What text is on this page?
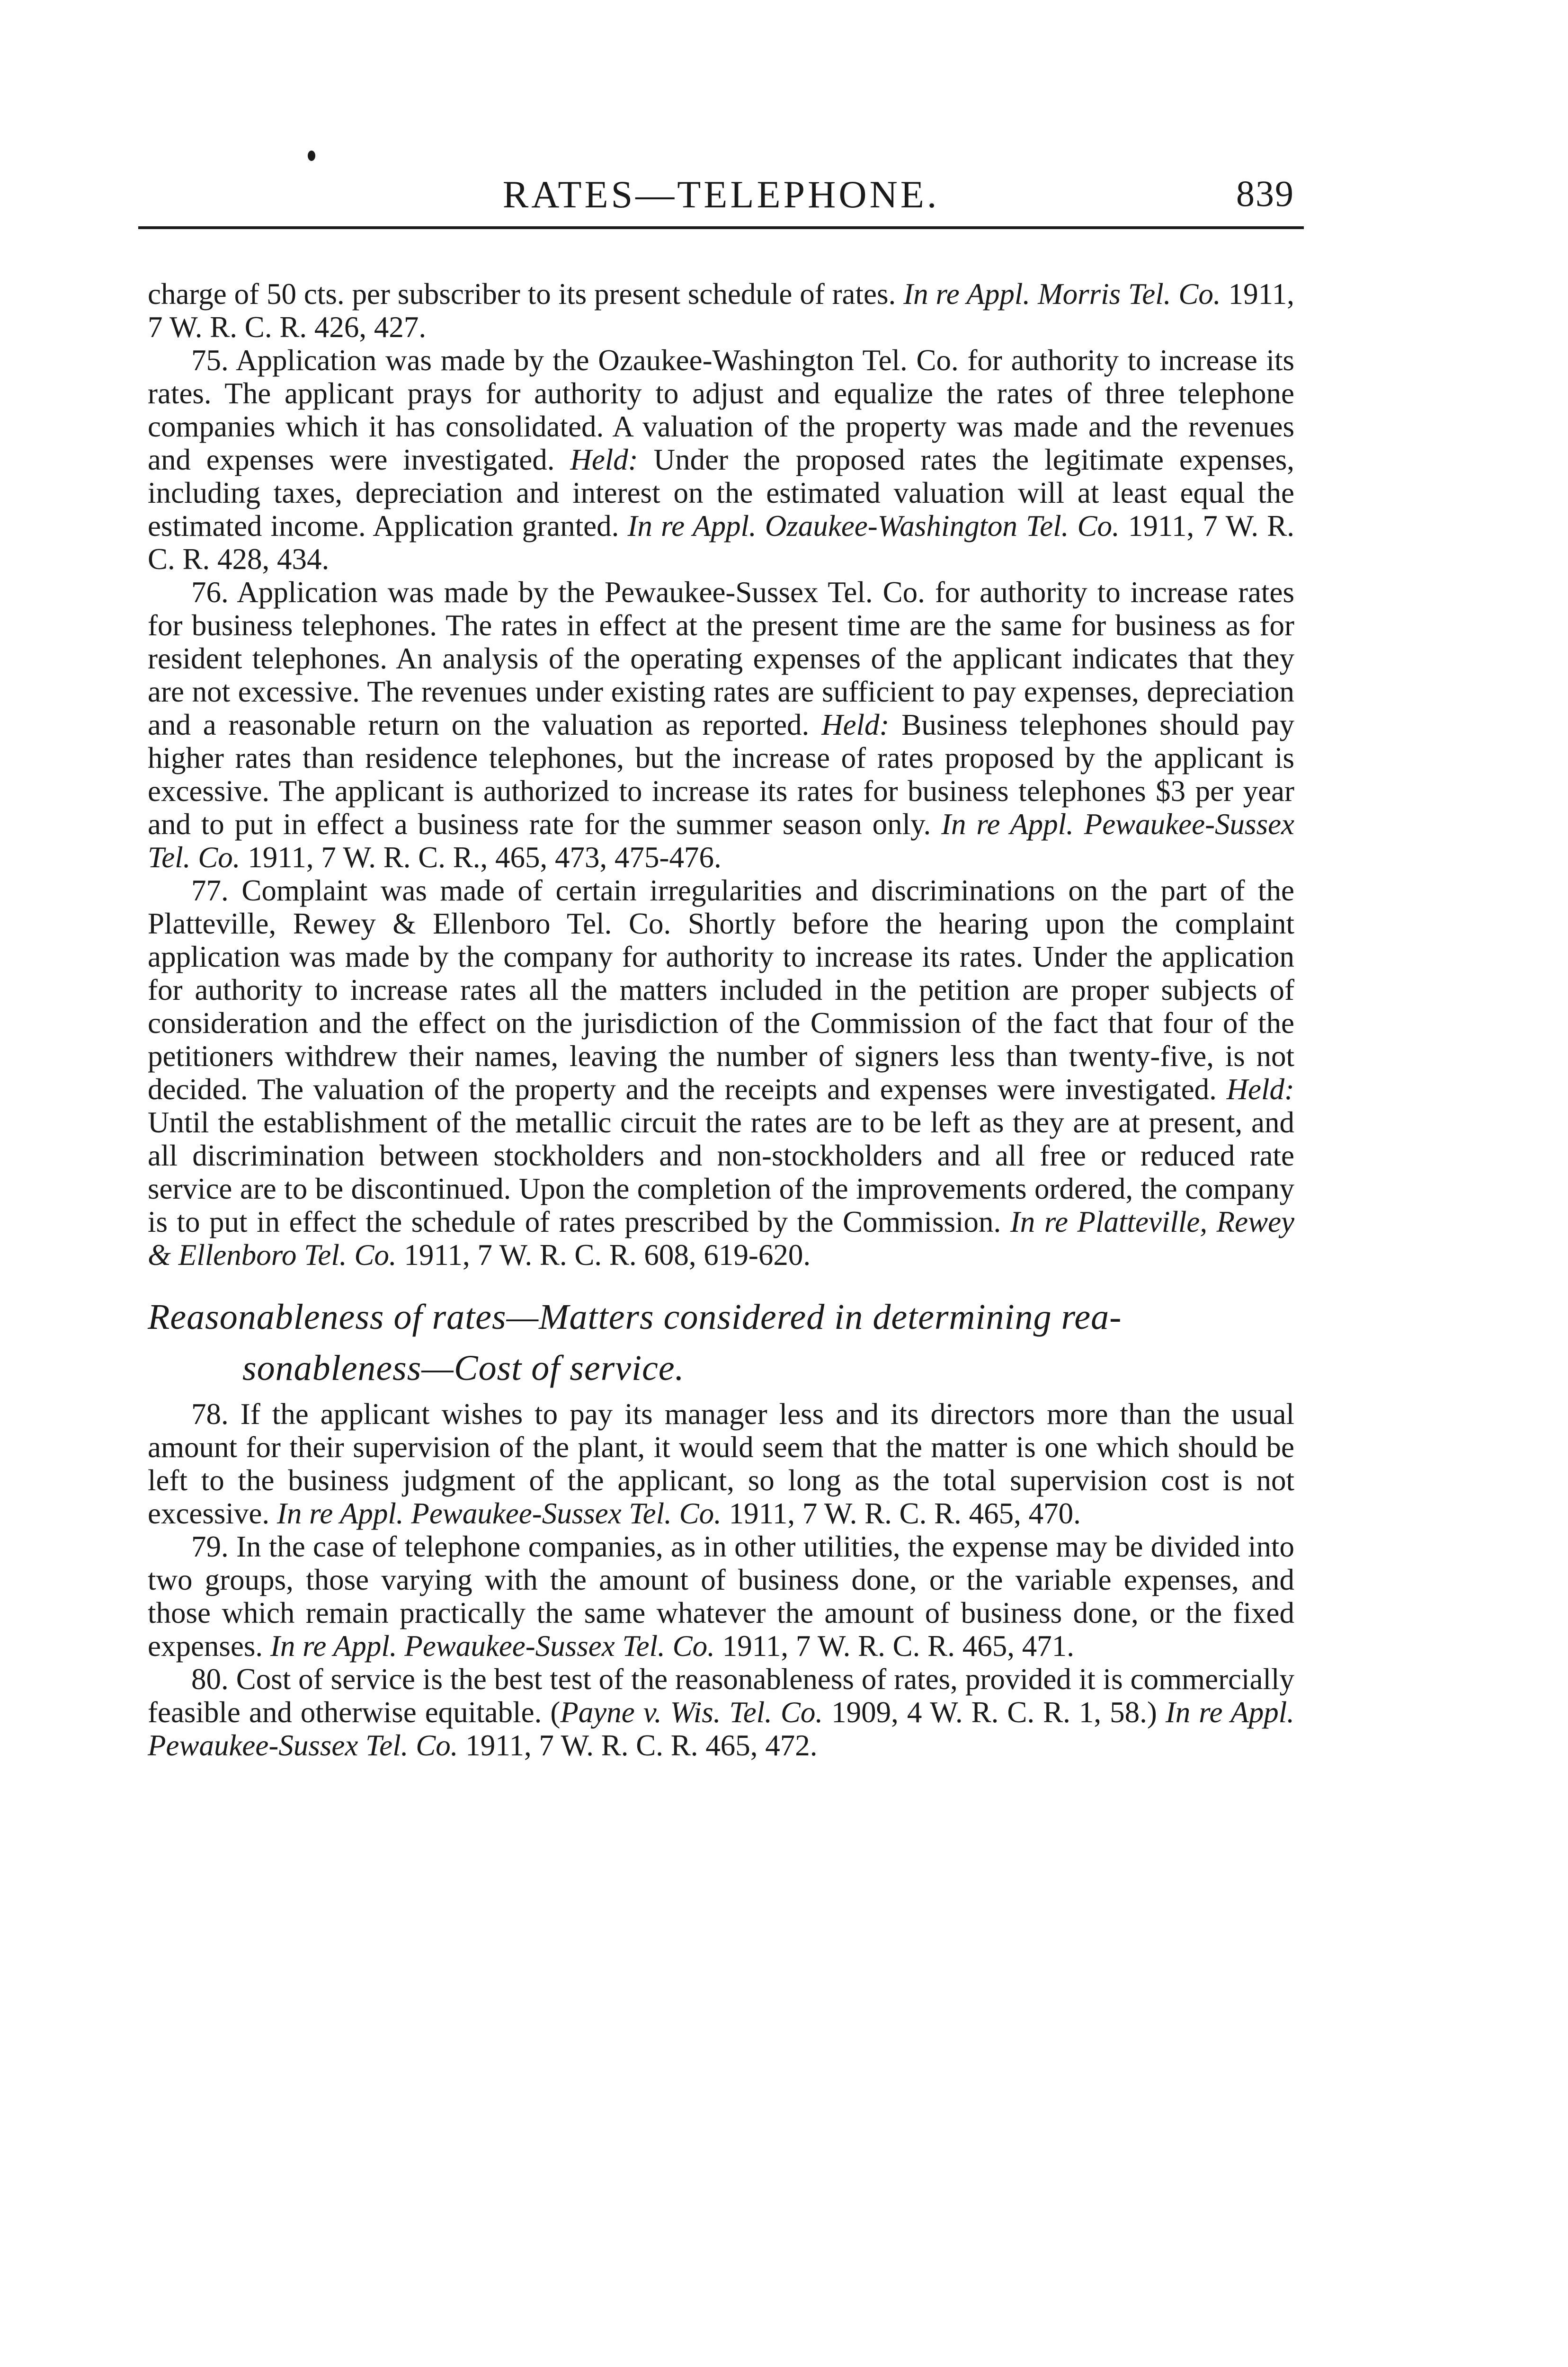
RATES—TELEPHONE.	839

charge of 50 cts. per subscriber to its present schedule of rates. In re Appl. Morris Tel. Co. 1911, 7 W. R. C. R. 426, 427.

75. Application was made by the Ozaukee-Washington Tel. Co. for authority to increase its rates. The applicant prays for authority to adjust and equalize the rates of three telephone companies which it has consolidated. A valuation of the property was made and the revenues and expenses were investigated. Held: Under the proposed rates the legitimate expenses, including taxes, depreciation and interest on the estimated valuation will at least equal the estimated income. Application granted. In re Appl. Ozaukee-Washington Tel. Co. 1911, 7 W. R. C. R. 428, 434.

76. Application was made by the Pewaukee-Sussex Tel. Co. for authority to increase rates for business telephones. The rates in effect at the present time are the same for business as for resident telephones. An analysis of the operating expenses of the applicant indicates that they are not excessive. The revenues under existing rates are sufficient to pay expenses, depreciation and a reasonable return on the valuation as reported. Held: Business telephones should pay higher rates than residence telephones, but the increase of rates proposed by the applicant is excessive. The applicant is authorized to increase its rates for business telephones $3 per year and to put in effect a business rate for the summer season only. In re Appl. Pewaukee-Sussex Tel. Co. 1911, 7 W. R. C. R., 465, 473, 475-476.

77. Complaint was made of certain irregularities and discriminations on the part of the Platteville, Rewey & Ellenboro Tel. Co. Shortly before the hearing upon the complaint application was made by the company for authority to increase its rates. Under the application for authority to increase rates all the matters included in the petition are proper subjects of consideration and the effect on the jurisdiction of the Commission of the fact that four of the petitioners withdrew their names, leaving the number of signers less than twenty-five, is not decided. The valuation of the property and the receipts and expenses were investigated. Held: Until the establishment of the metallic circuit the rates are to be left as they are at present, and all discrimination between stockholders and non-stockholders and all free or reduced rate service are to be discontinued. Upon the completion of the improvements ordered, the company is to put in effect the schedule of rates prescribed by the Commission. In re Platteville, Rewey & Ellenboro Tel. Co. 1911, 7 W. R. C. R. 608, 619-620.

Reasonableness of rates—Matters considered in determining rea-
sonableness—Cost of service.

78. If the applicant wishes to pay its manager less and its directors more than the usual amount for their supervision of the plant, it would seem that the matter is one which should be left to the business judgment of the applicant, so long as the total supervision cost is not excessive. In re Appl. Pewaukee-Sussex Tel. Co. 1911, 7 W. R. C. R. 465, 470.

79. In the case of telephone companies, as in other utilities, the expense may be divided into two groups, those varying with the amount of business done, or the variable expenses, and those which remain practically the same whatever the amount of business done, or the fixed expenses. In re Appl. Pewaukee-Sussex Tel. Co. 1911, 7 W. R. C. R. 465, 471.

80. Cost of service is the best test of the reasonableness of rates, provided it is commercially feasible and otherwise equitable. (Payne v. Wis. Tel. Co. 1909, 4 W. R. C. R. 1, 58.) In re Appl. Pewaukee-Sussex Tel. Co. 1911, 7 W. R. C. R. 465, 472.
